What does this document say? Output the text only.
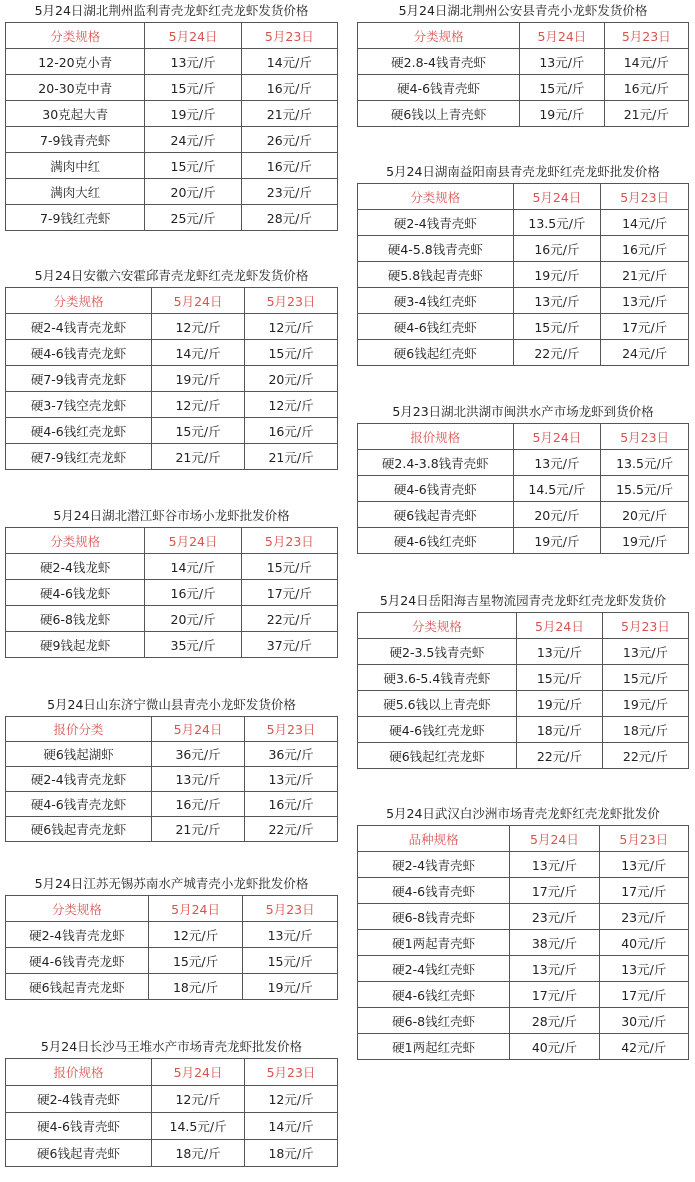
5月24日湖北荆州监利青壳龙虾红壳龙虾发货价格
分类规格	5月24日	5月23日
12-20克小青	13元/斤	14元/斤
20-30克中青	15元/斤	16元/斤
30克起大青	19元/斤	21元/斤
7-9钱青壳虾	24元/斤	26元/斤
满肉中红	15元/斤	16元/斤
满肉大红	20元/斤	23元/斤
7-9钱红壳虾	25元/斤	28元/斤
5月24日安徽六安霍邱青壳龙虾红壳龙虾发货价格
分类规格	5月24日	5月23日
硬2-4钱青壳龙虾	12元/斤	12元/斤
硬4-6钱青壳龙虾	14元/斤	15元/斤
硬7-9钱青壳龙虾	19元/斤	20元/斤
硬3-7钱空壳龙虾	12元/斤	12元/斤
硬4-6钱红壳龙虾	15元/斤	16元/斤
硬7-9钱红壳龙虾	21元/斤	21元/斤
5月24日湖北潜江虾谷市场小龙虾批发价格
分类规格	5月24日	5月23日
硬2-4钱龙虾	14元/斤	15元/斤
硬4-6钱龙虾	16元/斤	17元/斤
硬6-8钱龙虾	20元/斤	22元/斤
硬9钱起龙虾	35元/斤	37元/斤
5月24日山东济宁微山县青壳小龙虾发货价格
报价分类	5月24日	5月23日
硬6钱起湖虾	36元/斤	36元/斤
硬2-4钱青壳龙虾	13元/斤	13元/斤
硬4-6钱青壳龙虾	16元/斤	16元/斤
硬6钱起青壳龙虾	21元/斤	22元/斤
5月24日江苏无锡苏南水产城青壳小龙虾批发价格
分类规格	5月24日	5月23日
硬2-4钱青壳龙虾	12元/斤	13元/斤
硬4-6钱青壳龙虾	15元/斤	15元/斤
硬6钱起青壳龙虾	18元/斤	19元/斤
5月24日长沙马王堆水产市场青壳龙虾批发价格
报价规格	5月24日	5月23日
硬2-4钱青壳虾	12元/斤	12元/斤
硬4-6钱青壳虾	14.5元/斤	14元/斤
硬6钱起青壳虾	18元/斤	18元/斤
5月24日湖北荆州公安县青壳小龙虾发货价格
分类规格	5月24日	5月23日
硬2.8-4钱青壳虾	13元/斤	14元/斤
硬4-6钱青壳虾	15元/斤	16元/斤
硬6钱以上青壳虾	19元/斤	21元/斤
5月24日湖南益阳南县青壳龙虾红壳龙虾批发价格
分类规格	5月24日	5月23日
硬2-4钱青壳虾	13.5元/斤	14元/斤
硬4-5.8钱青壳虾	16元/斤	16元/斤
硬5.8钱起青壳虾	19元/斤	21元/斤
硬3-4钱红壳虾	13元/斤	13元/斤
硬4-6钱红壳虾	15元/斤	17元/斤
硬6钱起红壳虾	22元/斤	24元/斤
5月23日湖北洪湖市闽洪水产市场龙虾到货价格
报价规格	5月24日	5月23日
硬2.4-3.8钱青壳虾	13元/斤	13.5元/斤
硬4-6钱青壳虾	14.5元/斤	15.5元/斤
硬6钱起青壳虾	20元/斤	20元/斤
硬4-6钱红壳虾	19元/斤	19元/斤
5月24日岳阳海吉星物流园青壳龙虾红壳龙虾发货价
分类规格	5月24日	5月23日
硬2-3.5钱青壳虾	13元/斤	13元/斤
硬3.6-5.4钱青壳虾	15元/斤	15元/斤
硬5.6钱以上青壳虾	19元/斤	19元/斤
硬4-6钱红壳龙虾	18元/斤	18元/斤
硬6钱起红壳龙虾	22元/斤	22元/斤
5月24日武汉白沙洲市场青壳龙虾红壳龙虾批发价
品种规格	5月24日	5月23日
硬2-4钱青壳虾	13元/斤	13元/斤
硬4-6钱青壳虾	17元/斤	17元/斤
硬6-8钱青壳虾	23元/斤	23元/斤
硬1两起青壳虾	38元/斤	40元/斤
硬2-4钱红壳虾	13元/斤	13元/斤
硬4-6钱红壳虾	17元/斤	17元/斤
硬6-8钱红壳虾	28元/斤	30元/斤
硬1两起红壳虾	40元/斤	42元/斤
